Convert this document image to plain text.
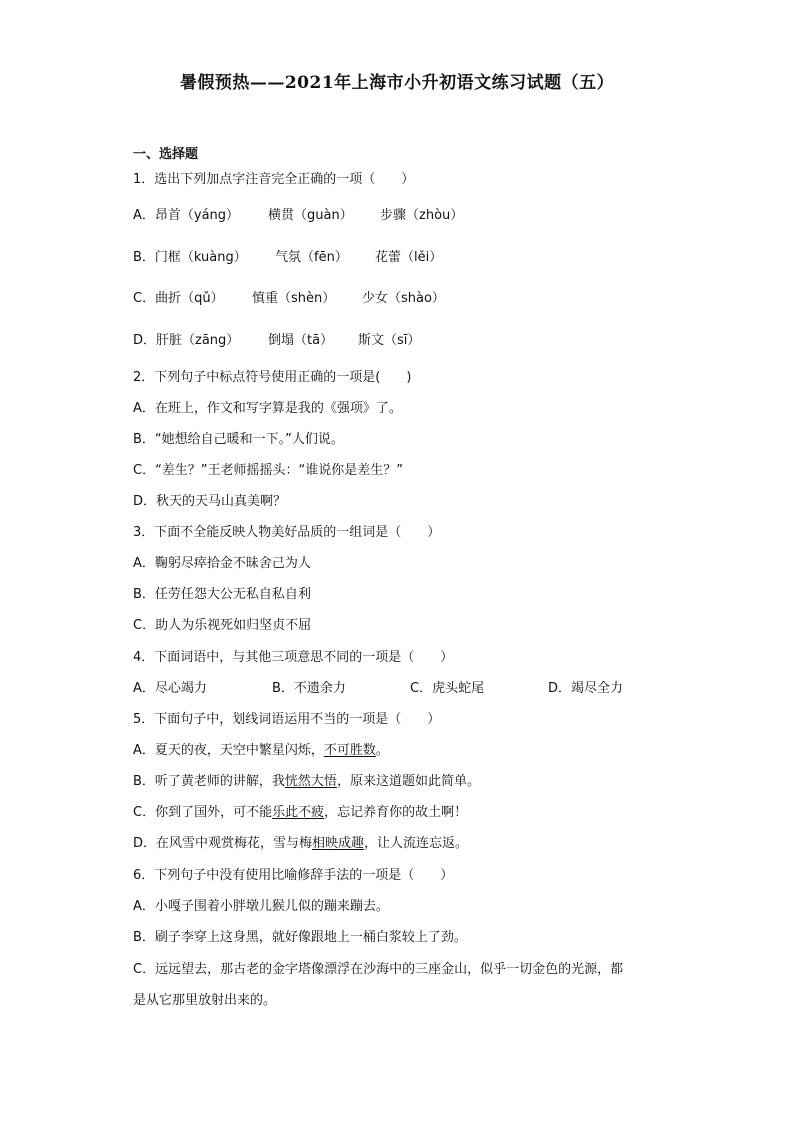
暑假预热——2021年上海市小升初语文练习试题（五）
一、选择题
1．选出下列加点字注音完全正确的一项（　　）
A．昂首（yáng） 横贯（guàn） 步骤（zhòu）
B．门框（kuàng） 气氛（fēn） 花蕾（lěi）
C．曲折（qǔ） 慎重（shèn） 少女（shào）
D．肝脏（zāng） 倒塌（tā） 斯文（sī）
2．下列句子中标点符号使用正确的一项是(　　)
A．在班上，作文和写字算是我的《强项》了。
B．“她想给自己暖和一下。”人们说。
C．“差生？”王老师摇摇头：“谁说你是差生？”
D．秋天的天马山真美啊？
3．下面不全能反映人物美好品质的一组词是（　　）
A．鞠躬尽瘁拾金不昧舍己为人
B．任劳任怨大公无私自私自利
C．助人为乐视死如归坚贞不屈
4．下面词语中，与其他三项意思不同的一项是（　　）
A．尽心竭力	B．不遗余力	C．虎头蛇尾	D．竭尽全力
5．下面句子中，划线词语运用不当的一项是（　　）
A．夏天的夜，天空中繁星闪烁，不可胜数。
B．听了黄老师的讲解，我恍然大悟，原来这道题如此简单。
C．你到了国外，可不能乐此不疲，忘记养育你的故土啊！
D．在风雪中观赏梅花，雪与梅相映成趣，让人流连忘返。
6．下列句子中没有使用比喻修辞手法的一项是（　　）
A．小嘎子围着小胖墩儿猴儿似的蹦来蹦去。
B．刷子李穿上这身黑，就好像跟地上一桶白浆较上了劲。
C．远远望去，那古老的金字塔像漂浮在沙海中的三座金山，似乎一切金色的光源，都
是从它那里放射出来的。
